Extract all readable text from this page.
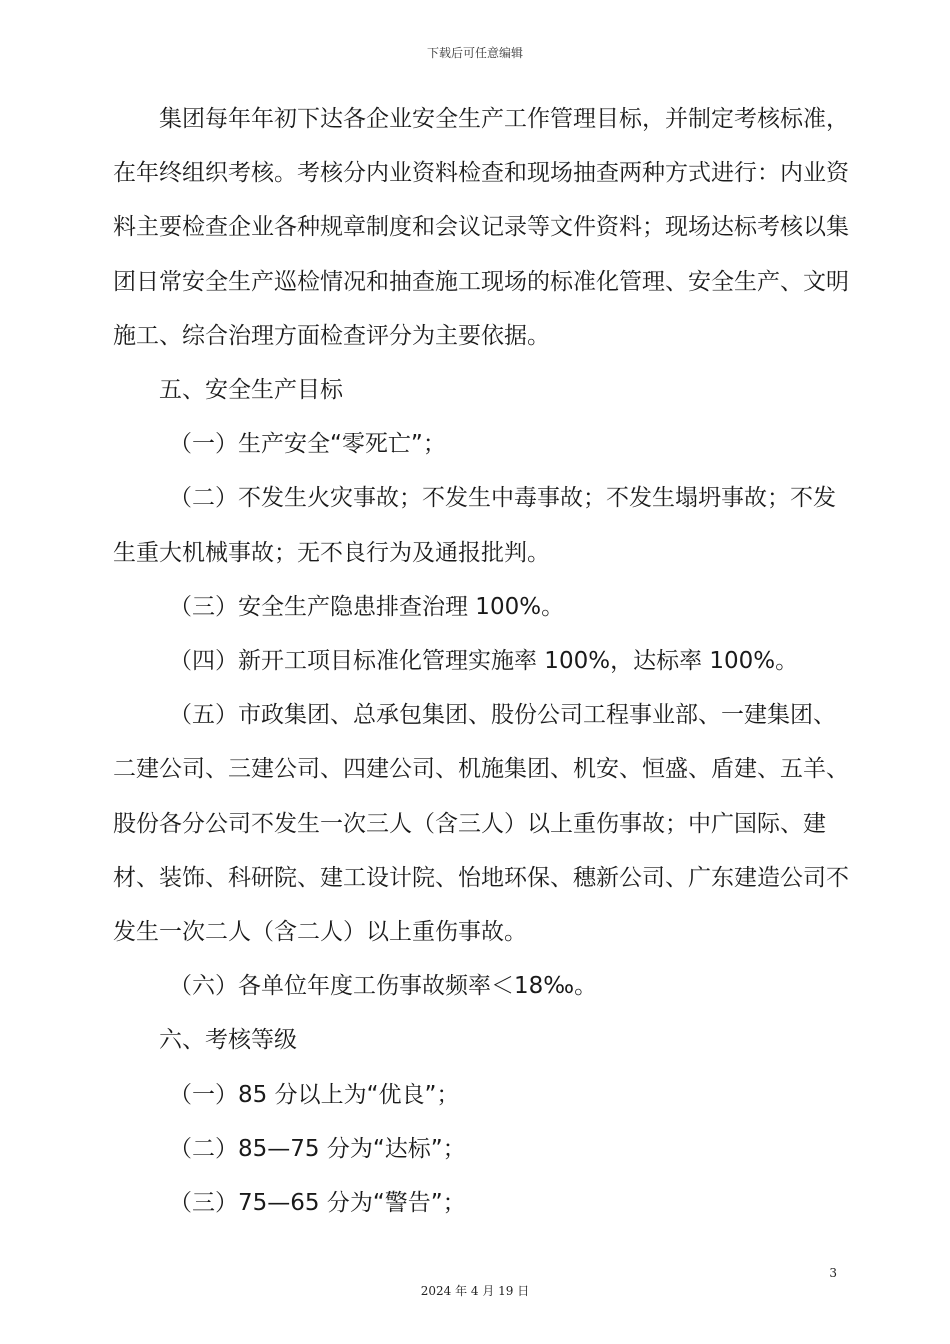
下载后可任意编辑

集团每年年初下达各企业安全生产工作管理目标，并制定考核标准，在年终组织考核。考核分内业资料检查和现场抽查两种方式进行：内业资料主要检查企业各种规章制度和会议记录等文件资料；现场达标考核以集团日常安全生产巡检情况和抽查施工现场的标准化管理、安全生产、文明施工、综合治理方面检查评分为主要依据。

五、安全生产目标

（一）生产安全“零死亡”；

（二）不发生火灾事故；不发生中毒事故；不发生塌坍事故；不发生重大机械事故；无不良行为及通报批判。

（三）安全生产隐患排查治理 100%。

（四）新开工项目标准化管理实施率 100%，达标率 100%。

（五）市政集团、总承包集团、股份公司工程事业部、一建集团、二建公司、三建公司、四建公司、机施集团、机安、恒盛、盾建、五羊、股份各分公司不发生一次三人（含三人）以上重伤事故；中广国际、建材、装饰、科研院、建工设计院、怡地环保、穗新公司、广东建造公司不发生一次二人（含二人）以上重伤事故。

（六）各单位年度工伤事故频率＜18‰。

六、考核等级

（一）85 分以上为“优良”；

（二）85—75 分为“达标”；

（三）75—65 分为“警告”；

3
2024 年 4 月 19 日
